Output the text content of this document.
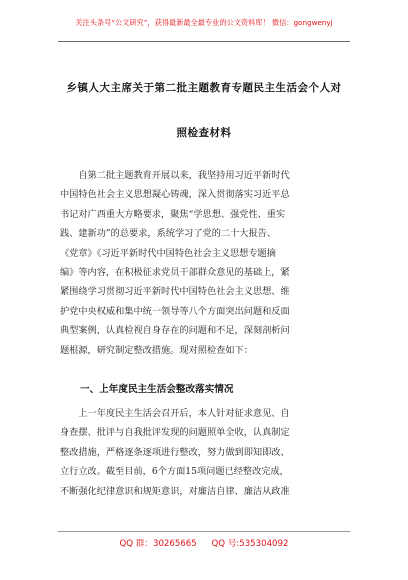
关注头条号“公文研究”，获得最新最全最专业的公文资料库！ 微信：gongwenyj
乡镇人大主席关于第二批主题教育专题民主生活会个人对
照检查材料
　　自第二批主题教育开展以来，我坚持用习近平新时代
中国特色社会主义思想凝心铸魂，深入贯彻落实习近平总
书记对广西重大方略要求，聚焦“学思想、强党性、重实
践、建新功”的总要求，系统学习了党的二十大报告、
《党章》《习近平新时代中国特色社会主义思想专题摘
编》等内容，在积极征求党员干部群众意见的基础上，紧
紧围绕学习贯彻习近平新时代中国特色社会主义思想、维
护党中央权威和集中统一领导等八个方面突出问题和反面
典型案例，认真检视自身存在的问题和不足，深刻剖析问
题根源，研究制定整改措施。现对照检查如下：
一、上年度民主生活会整改落实情况
　　上一年度民主生活会召开后，本人针对征求意见、自
身查摆、批评与自我批评发现的问题照单全收，认真制定
整改措施，严格逐条逐项进行整改，努力做到即知即改、
立行立改。截至目前，6个方面15项问题已经整改完成，
不断强化纪律意识和规矩意识，对廉洁自律、廉洁从政准
QQ 群：30265665 QQ 号:535304092
